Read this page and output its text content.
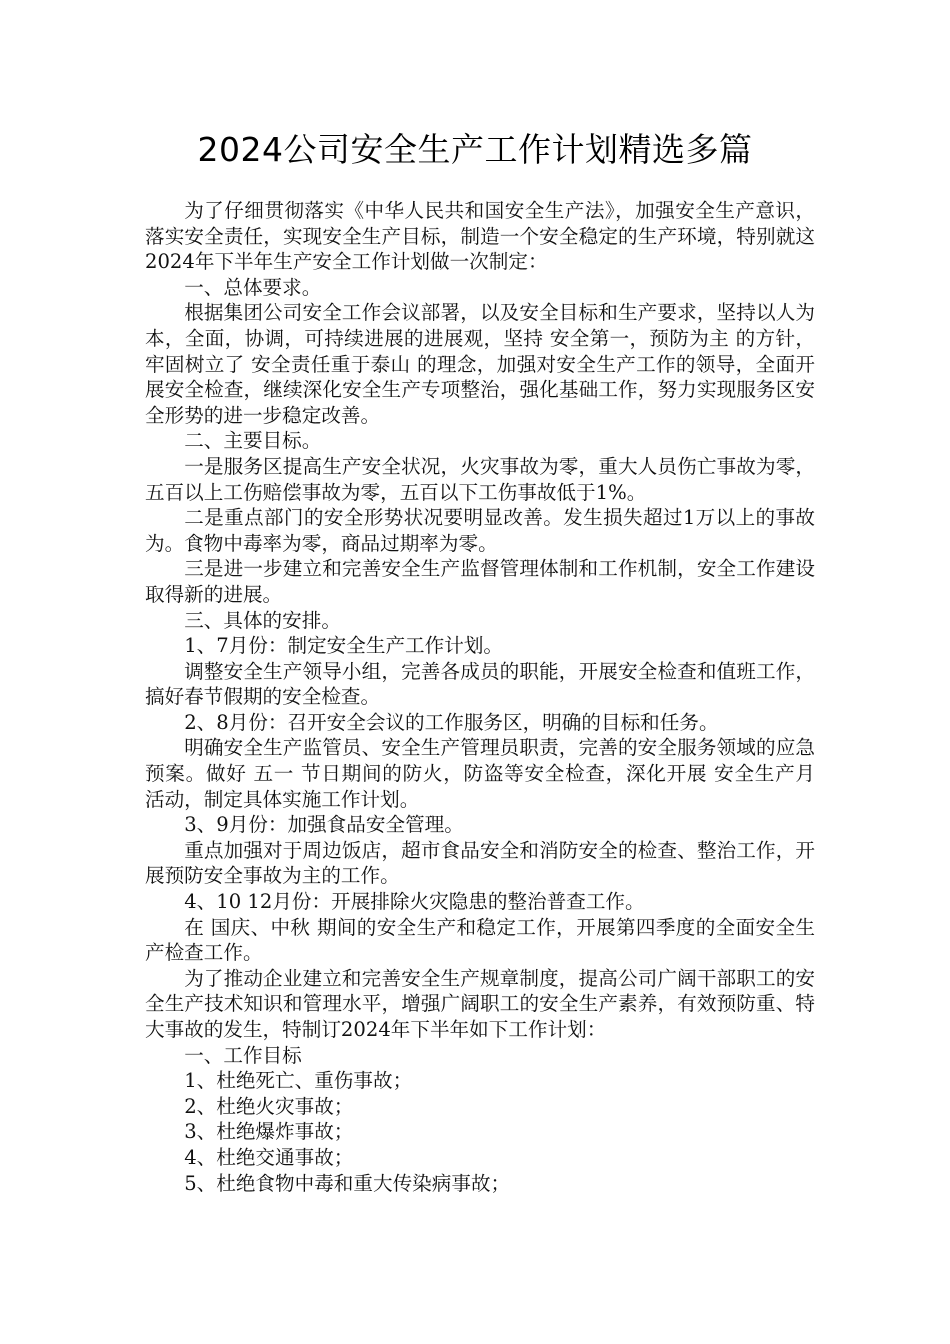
2024公司安全生产工作计划精选多篇

为了仔细贯彻落实《中华人民共和国安全生产法》，加强安全生产意识，落实安全责任，实现安全生产目标，制造一个安全稳定的生产环境，特别就这2024年下半年生产安全工作计划做一次制定：

一、总体要求。

根据集团公司安全工作会议部署，以及安全目标和生产要求，坚持以人为本，全面，协调，可持续进展的进展观，坚持 安全第一，预防为主 的方针，牢固树立了 安全责任重于泰山 的理念，加强对安全生产工作的领导，全面开展安全检查，继续深化安全生产专项整治，强化基础工作，努力实现服务区安全形势的进一步稳定改善。

二、主要目标。

一是服务区提高生产安全状况，火灾事故为零，重大人员伤亡事故为零，五百以上工伤赔偿事故为零，五百以下工伤事故低于1%。

二是重点部门的安全形势状况要明显改善。发生损失超过1万以上的事故为。食物中毒率为零，商品过期率为零。

三是进一步建立和完善安全生产监督管理体制和工作机制，安全工作建设取得新的进展。

三、具体的安排。

1、7月份：制定安全生产工作计划。

调整安全生产领导小组，完善各成员的职能，开展安全检查和值班工作，搞好春节假期的安全检查。

2、8月份：召开安全会议的工作服务区，明确的目标和任务。

明确安全生产监管员、安全生产管理员职责，完善的安全服务领域的应急预案。做好 五一 节日期间的防火，防盗等安全检查，深化开展 安全生产月 活动，制定具体实施工作计划。

3、9月份：加强食品安全管理。

重点加强对于周边饭店，超市食品安全和消防安全的检查、整治工作，开展预防安全事故为主的工作。

4、10 12月份：开展排除火灾隐患的整治普查工作。

在 国庆、中秋 期间的安全生产和稳定工作，开展第四季度的全面安全生产检查工作。

为了推动企业建立和完善安全生产规章制度，提高公司广阔干部职工的安全生产技术知识和管理水平，增强广阔职工的安全生产素养，有效预防重、特大事故的发生，特制订2024年下半年如下工作计划：

一、工作目标

1、杜绝死亡、重伤事故；

2、杜绝火灾事故；

3、杜绝爆炸事故；

4、杜绝交通事故；

5、杜绝食物中毒和重大传染病事故；
